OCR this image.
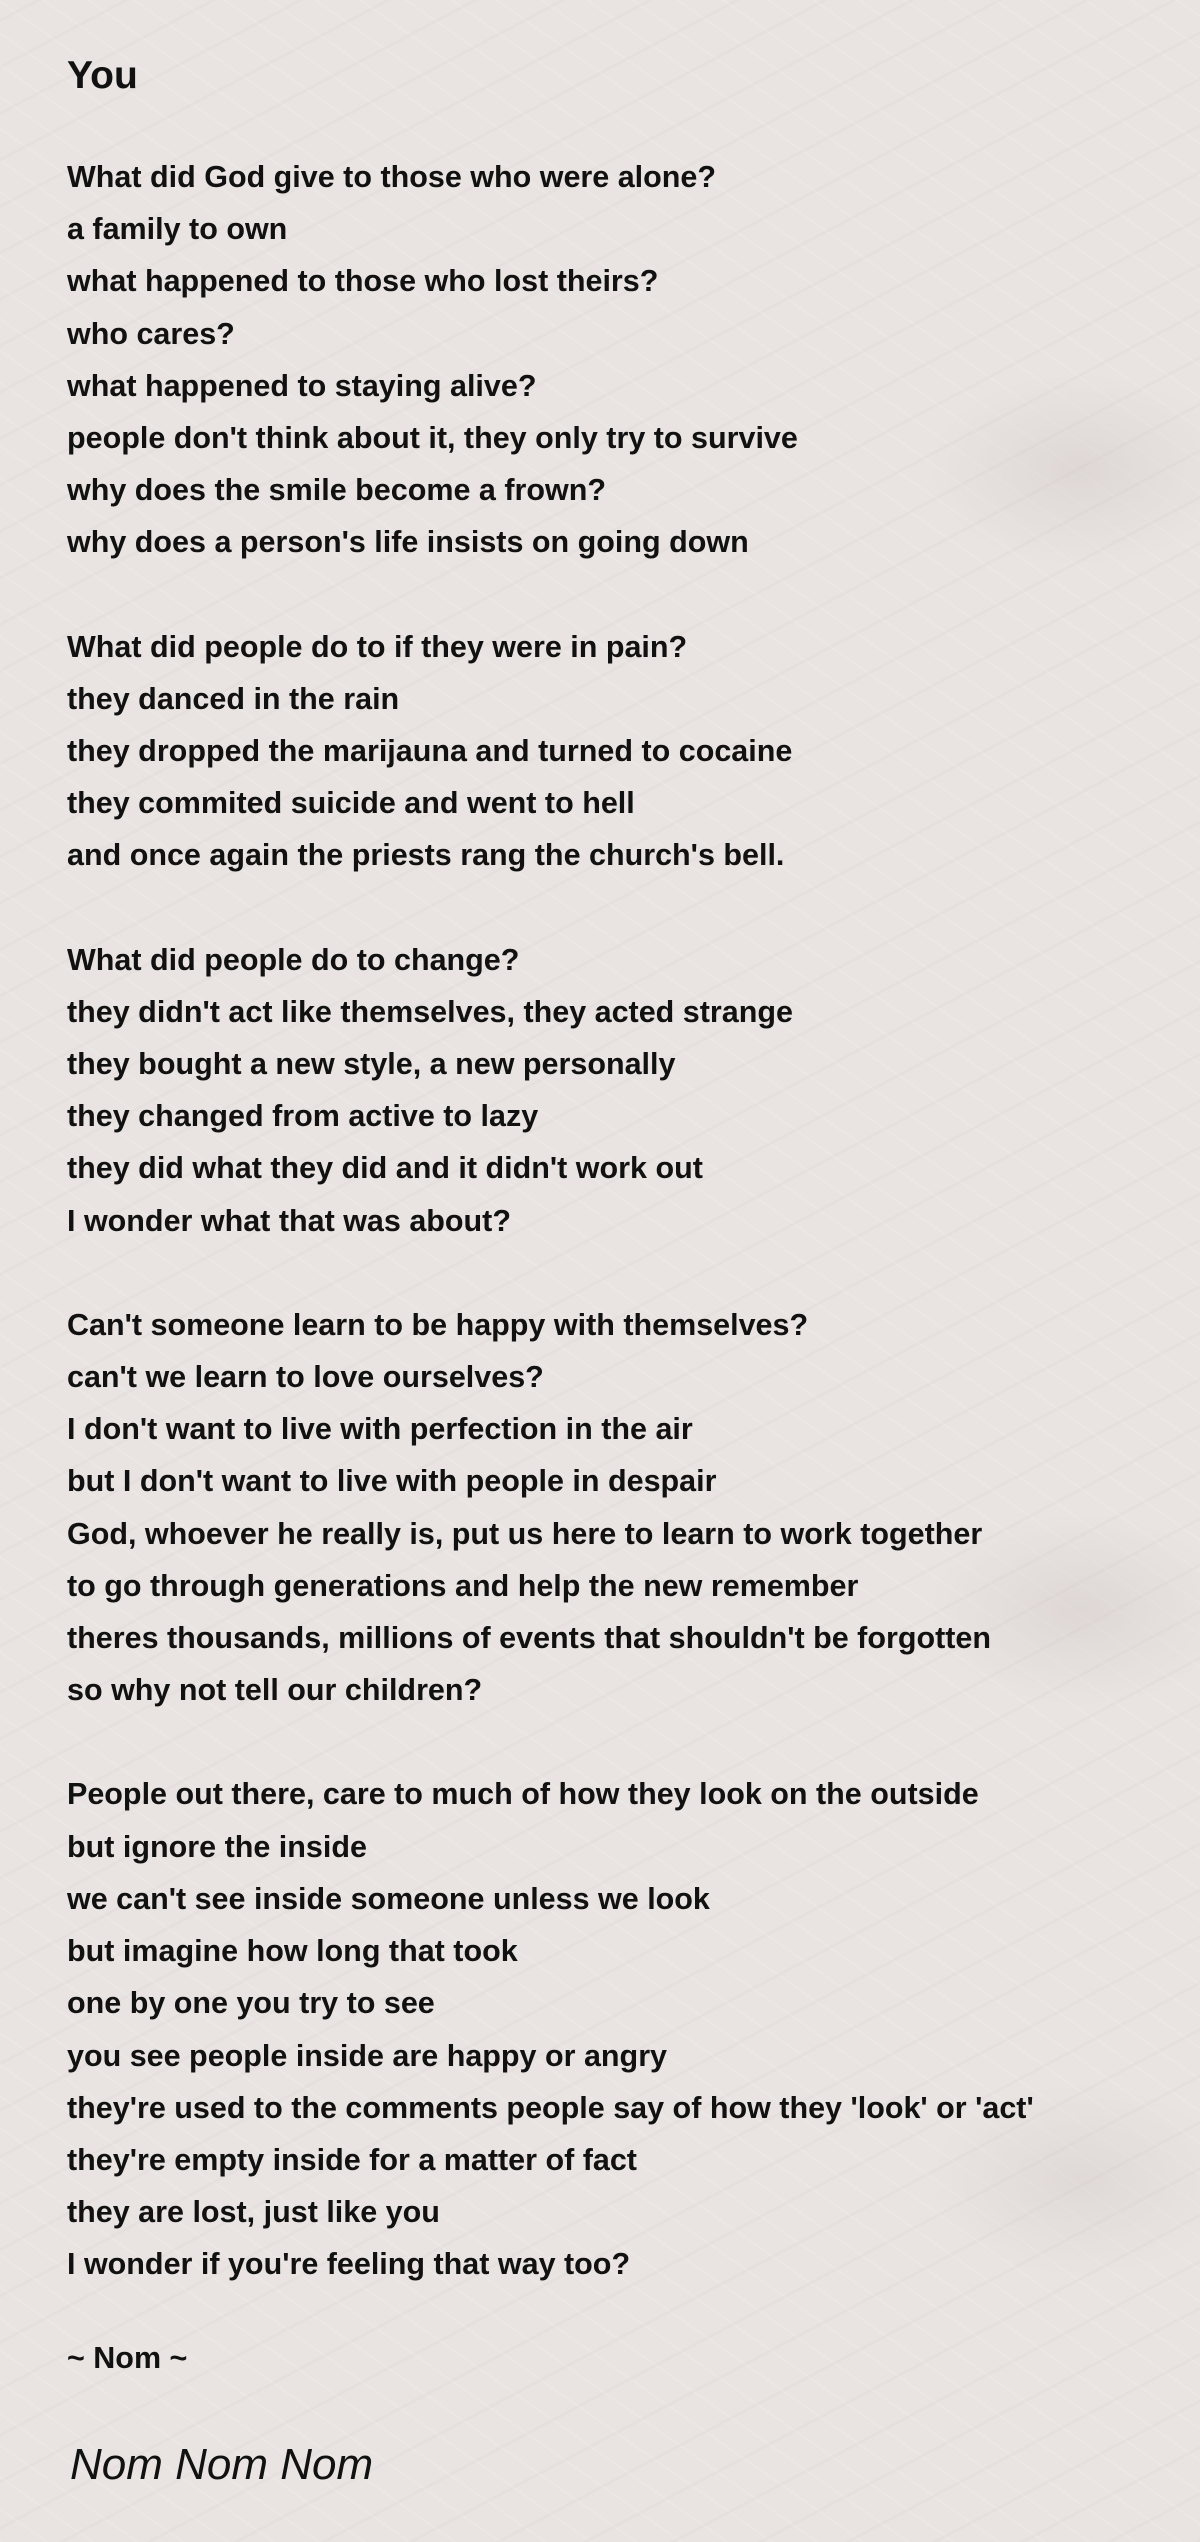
You
What did God give to those who were alone?
a family to own
what happened to those who lost theirs?
who cares?
what happened to staying alive?
people don't think about it, they only try to survive
why does the smile become a frown?
why does a person's life insists on going down
What did people do to if they were in pain?
they danced in the rain
they dropped the marijauna and turned to cocaine
they commited suicide and went to hell
and once again the priests rang the church's bell.
What did people do to change?
they didn't act like themselves, they acted strange
they bought a new style, a new personally
they changed from active to lazy
they did what they did and it didn't work out
I wonder what that was about?
Can't someone learn to be happy with themselves?
can't we learn to love ourselves?
I don't want to live with perfection in the air
but I don't want to live with people in despair
God, whoever he really is, put us here to learn to work together
to go through generations and help the new remember
theres thousands, millions of events that shouldn't be forgotten
so why not tell our children?
People out there, care to much of how they look on the outside
but ignore the inside
we can't see inside someone unless we look
but imagine how long that took
one by one you try to see
you see people inside are happy or angry
they're used to the comments people say of how they 'look' or 'act'
they're empty inside for a matter of fact
they are lost, just like you
I wonder if you're feeling that way too?
~ Nom ~
Nom Nom Nom
